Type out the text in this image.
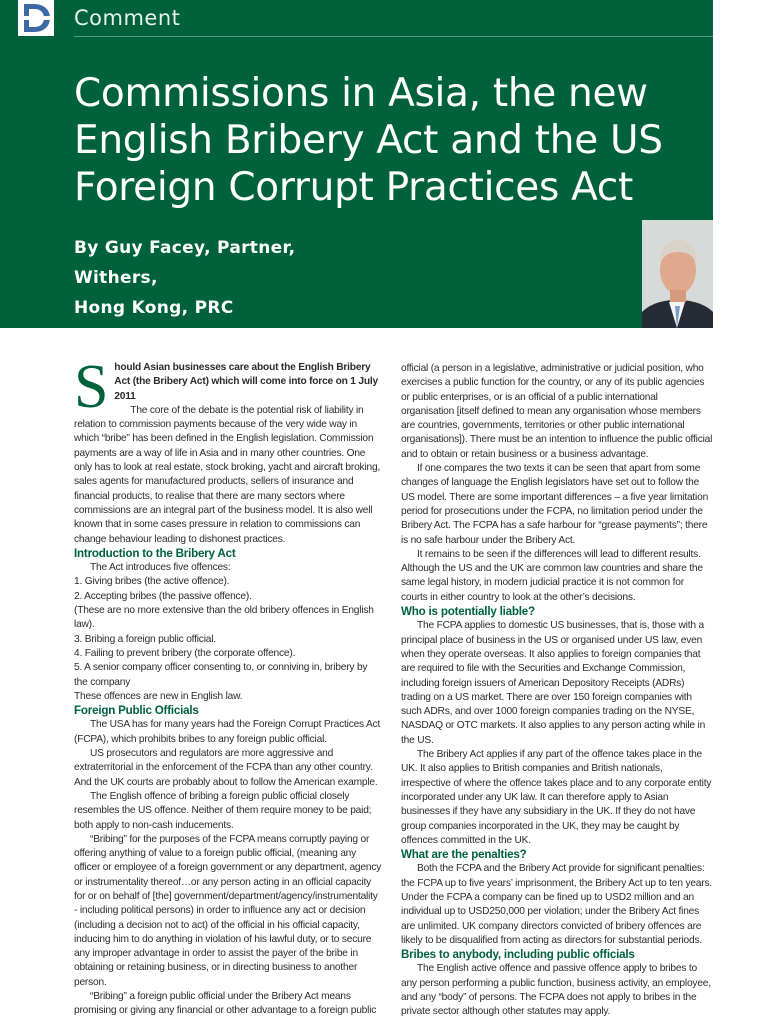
Comment
Commissions in Asia, the new
English Bribery Act and the US
Foreign Corrupt Practices Act
By Guy Facey, Partner,
Withers,
Hong Kong, PRC
S hould Asian businesses care about the English Bribery Act (the Bribery Act) which will come into force on 1 July 2011

The core of the debate is the potential risk of liability in relation to commission payments because of the very wide way in which “bribe” has been defined in the English legislation. Commission payments are a way of life in Asia and in many other countries. One only has to look at real estate, stock broking, yacht and aircraft broking, sales agents for manufactured products, sellers of insurance and financial products, to realise that there are many sectors where commissions are an integral part of the business model. It is also well known that in some cases pressure in relation to commissions can change behaviour leading to dishonest practices.

Introduction to the Bribery Act

The Act introduces five offences:

1. Giving bribes (the active offence).

2. Accepting bribes (the passive offence).

(These are no more extensive than the old bribery offences in English law).

3. Bribing a foreign public official.

4. Failing to prevent bribery (the corporate offence).

5. A senior company officer consenting to, or conniving in, bribery by the company

These offences are new in English law.

Foreign Public Officials

The USA has for many years had the Foreign Corrupt Practices Act (FCPA), which prohibits bribes to any foreign public official.

US prosecutors and regulators are more aggressive and extraterritorial in the enforcement of the FCPA than any other country. And the UK courts are probably about to follow the American example.

The English offence of bribing a foreign public official closely resembles the US offence. Neither of them require money to be paid; both apply to non-cash inducements.

“Bribing” for the purposes of the FCPA means corruptly paying or offering anything of value to a foreign public official, (meaning any officer or employee of a foreign government or any department, agency or instrumentality thereof…or any person acting in an official capacity for or on behalf of [the] government/department/agency/instrumentality - including political persons) in order to influence any act or decision (including a decision not to act) of the official in his official capacity, inducing him to do anything in violation of his lawful duty, or to secure any improper advantage in order to assist the payer of the bribe in obtaining or retaining business, or in directing business to another person.

“Bribing” a foreign public official under the Bribery Act means promising or giving any financial or other advantage to a foreign public

official (a person in a legislative, administrative or judicial position, who exercises a public function for the country, or any of its public agencies or public enterprises, or is an official of a public international organisation [itself defined to mean any organisation whose members are countries, governments, territories or other public international organisations]). There must be an intention to influence the public official and to obtain or retain business or a business advantage.

If one compares the two texts it can be seen that apart from some changes of language the English legislators have set out to follow the US model. There are some important differences – a five year limitation period for prosecutions under the FCPA, no limitation period under the Bribery Act. The FCPA has a safe harbour for “grease payments”; there is no safe harbour under the Bribery Act.

It remains to be seen if the differences will lead to different results. Although the US and the UK are common law countries and share the same legal history, in modern judicial practice it is not common for courts in either country to look at the other’s decisions.

Who is potentially liable?

The FCPA applies to domestic US businesses, that is, those with a principal place of business in the US or organised under US law, even when they operate overseas. It also applies to foreign companies that are required to file with the Securities and Exchange Commission, including foreign issuers of American Depository Receipts (ADRs) trading on a US market. There are over 150 foreign companies with such ADRs, and over 1000 foreign companies trading on the NYSE, NASDAQ or OTC markets. It also applies to any person acting while in the US.

The Bribery Act applies if any part of the offence takes place in the UK. It also applies to British companies and British nationals, irrespective of where the offence takes place and to any corporate entity incorporated under any UK law. It can therefore apply to Asian businesses if they have any subsidiary in the UK. If they do not have group companies incorporated in the UK, they may be caught by offences committed in the UK.

What are the penalties?

Both the FCPA and the Bribery Act provide for significant penalties: the FCPA up to five years’ imprisonment, the Bribery Act up to ten years. Under the FCPA a company can be fined up to USD2 million and an individual up to USD250,000 per violation; under the Bribery Act fines are unlimited. UK company directors convicted of bribery offences are likely to be disqualified from acting as directors for substantial periods.

Bribes to anybody, including public officials

The English active offence and passive offence apply to bribes to any person performing a public function, business activity, an employee, and any “body” of persons. The FCPA does not apply to bribes in the private sector although other statutes may apply.
